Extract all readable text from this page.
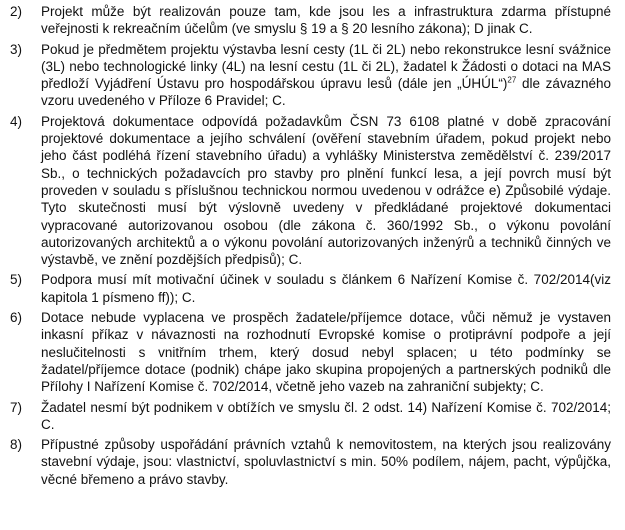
2) Projekt může být realizován pouze tam, kde jsou les a infrastruktura zdarma přístupné veřejnosti k rekreačním účelům (ve smyslu § 19 a § 20 lesního zákona); D jinak C.
3) Pokud je předmětem projektu výstavba lesní cesty (1L či 2L) nebo rekonstrukce lesní svážnice (3L) nebo technologické linky (4L) na lesní cestu (1L či 2L), žadatel k Žádosti o dotaci na MAS předloží Vyjádření Ústavu pro hospodářskou úpravu lesů (dále jen „ÚHÚL“)$^{27}$ dle závazného vzoru uvedeného v Příloze 6 Pravidel; C.
4) Projektová dokumentace odpovídá požadavkům ČSN 73 6108 platné v době zpracování projektové dokumentace a jejího schválení (ověření stavebním úřadem, pokud projekt nebo jeho část podléhá řízení stavebního úřadu) a vyhlášky Ministerstva zemědělství č. 239/2017 Sb., o technických požadavcích pro stavby pro plnění funkcí lesa, a její povrch musí být proveden v souladu s příslušnou technickou normou uvedenou v odrážce e) Způsobilé výdaje. Tyto skutečnosti musí být výslovně uvedeny v předkládané projektové dokumentaci vypracované autorizovanou osobou (dle zákona č. 360/1992 Sb., o výkonu povolání autorizovaných architektů a o výkonu povolání autorizovaných inženýrů a techniků činných ve výstavbě, ve znění pozdějších předpisů); C.
5) Podpora musí mít motivační účinek v souladu s článkem 6 Nařízení Komise č. 702/2014(viz kapitola 1 písmeno ff)); C.
6) Dotace nebude vyplacena ve prospěch žadatele/příjemce dotace, vůči němuž je vystaven inkasní příkaz v návaznosti na rozhodnutí Evropské komise o protiprávní podpoře a její neslučitelnosti s vnitřním trhem, který dosud nebyl splacen; u této podmínky se žadatel/příjemce dotace (podnik) chápe jako skupina propojených a partnerských podniků dle Přílohy I Nařízení Komise č. 702/2014, včetně jeho vazeb na zahraniční subjekty; C.
7) Žadatel nesmí být podnikem v obtížích ve smyslu čl. 2 odst. 14) Nařízení Komise č. 702/2014; C.
8) Přípustné způsoby uspořádání právních vztahů k nemovitostem, na kterých jsou realizovány stavební výdaje, jsou: vlastnictví, spoluvlastnictví s min. 50% podílem, nájem, pacht, výpůjčka, věcné břemeno a právo stavby.
